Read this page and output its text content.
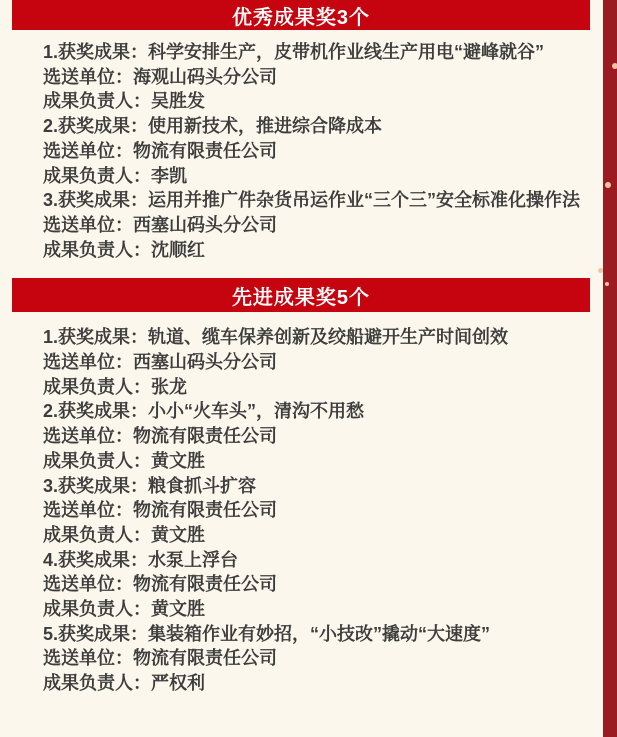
优秀成果奖3个
1.获奖成果：科学安排生产，皮带机作业线生产用电“避峰就谷”
选送单位：海观山码头分公司
成果负责人：吴胜发
2.获奖成果：使用新技术，推进综合降成本
选送单位：物流有限责任公司
成果负责人：李凯
3.获奖成果：运用并推广件杂货吊运作业“三个三”安全标准化操作法
选送单位：西塞山码头分公司
成果负责人：沈顺红
先进成果奖5个
1.获奖成果：轨道、缆车保养创新及绞船避开生产时间创效
选送单位：西塞山码头分公司
成果负责人：张龙
2.获奖成果：小小“火车头”，清沟不用愁
选送单位：物流有限责任公司
成果负责人：黄文胜
3.获奖成果：粮食抓斗扩容
选送单位：物流有限责任公司
成果负责人：黄文胜
4.获奖成果：水泵上浮台
选送单位：物流有限责任公司
成果负责人：黄文胜
5.获奖成果：集装箱作业有妙招，“小技改”撬动“大速度”
选送单位：物流有限责任公司
成果负责人：严权利
